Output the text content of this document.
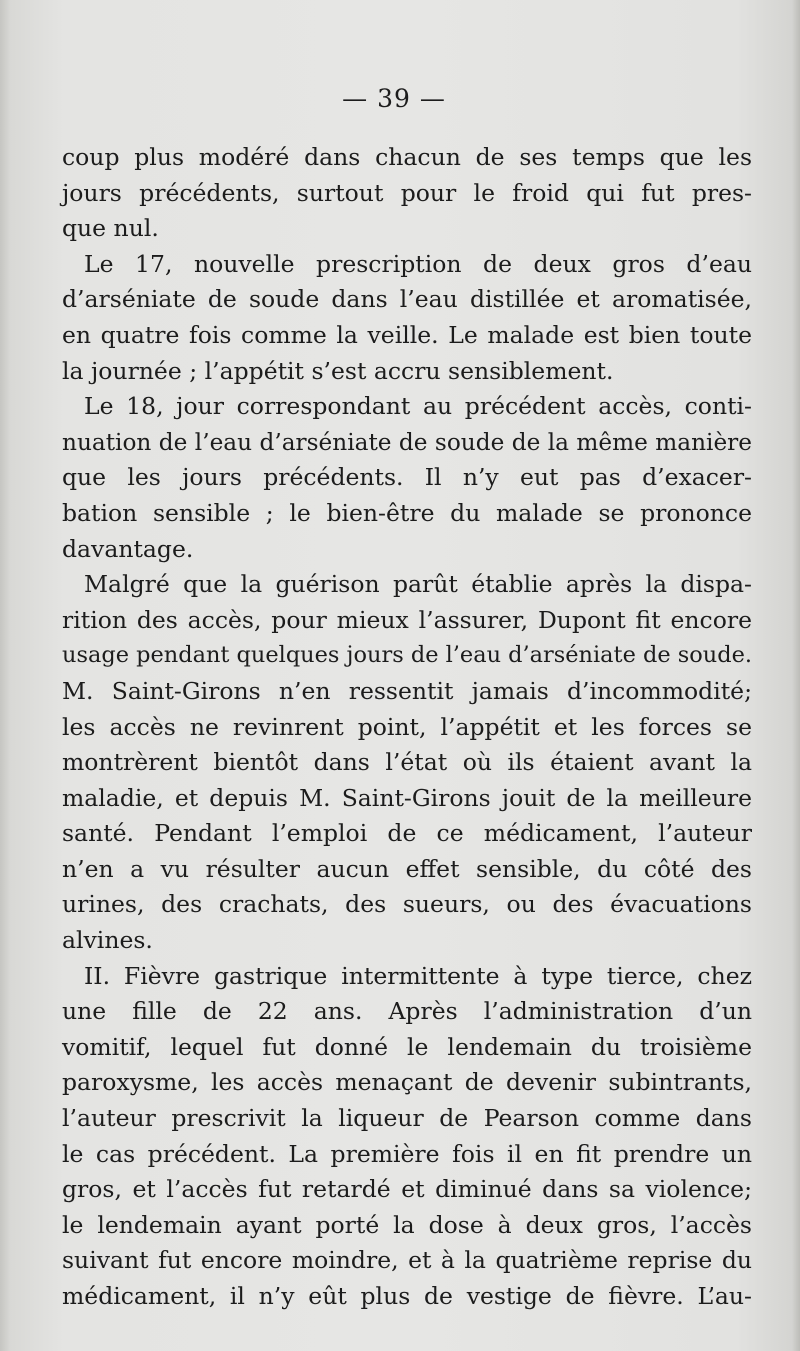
— 39 —
coup plus modéré dans chacun de ses temps que les
jours précédents, surtout pour le froid qui fut pres-
que nul.
Le 17, nouvelle prescription de deux gros d’eau
d’arséniate de soude dans l’eau distillée et aromatisée,
en quatre fois comme la veille. Le malade est bien toute
la journée ; l’appétit s’est accru sensiblement.
Le 18, jour correspondant au précédent accès, conti-
nuation de l’eau d’arséniate de soude de la même manière
que les jours précédents. Il n’y eut pas d’exacer-
bation sensible ; le bien-être du malade se prononce
davantage.
Malgré que la guérison parût établie après la dispa-
rition des accès, pour mieux l’assurer, Dupont fit encore
usage pendant quelques jours de l’eau d’arséniate de soude.
M. Saint-Girons n’en ressentit jamais d’incommodité;
les accès ne revinrent point, l’appétit et les forces se
montrèrent bientôt dans l’état où ils étaient avant la
maladie, et depuis M. Saint-Girons jouit de la meilleure
santé. Pendant l’emploi de ce médicament, l’auteur
n’en a vu résulter aucun effet sensible, du côté des
urines, des crachats, des sueurs, ou des évacuations
alvines.
II. Fièvre gastrique intermittente à type tierce, chez
une fille de 22 ans. Après l’administration d’un
vomitif, lequel fut donné le lendemain du troisième
paroxysme, les accès menaçant de devenir subintrants,
l’auteur prescrivit la liqueur de Pearson comme dans
le cas précédent. La première fois il en fit prendre un
gros, et l’accès fut retardé et diminué dans sa violence;
le lendemain ayant porté la dose à deux gros, l’accès
suivant fut encore moindre, et à la quatrième reprise du
médicament, il n’y eût plus de vestige de fièvre. L’au-
